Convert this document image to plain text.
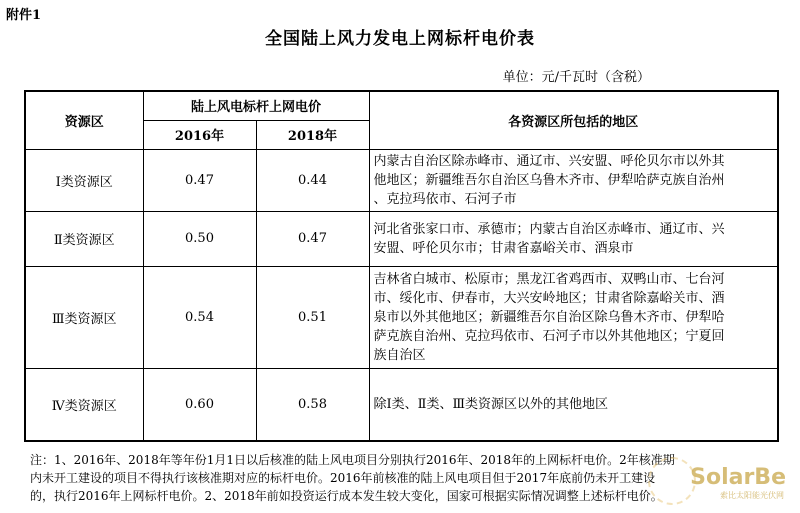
附件1
全国陆上风力发电上网标杆电价表
单位：元/千瓦时（含税）
资源区	陆上风电标杆上网电价		各资源区所包括的地区
	2016年	2018年	
Ⅰ类资源区	0.47	0.44	内蒙古自治区除赤峰市、通辽市、兴安盟、呼伦贝尔市以外其
他地区；新疆维吾尔自治区乌鲁木齐市、伊犁哈萨克族自治州
、克拉玛依市、石河子市

Ⅱ类资源区	0.50	0.47	河北省张家口市、承德市；内蒙古自治区赤峰市、通辽市、兴
安盟、呼伦贝尔市；甘肃省嘉峪关市、酒泉市

Ⅲ类资源区	0.54	0.51	吉林省白城市、松原市；黑龙江省鸡西市、双鸭山市、七台河
市、绥化市、伊春市，大兴安岭地区；甘肃省除嘉峪关市、酒
泉市以外其他地区；新疆维吾尔自治区除乌鲁木齐市、伊犁哈
萨克族自治州、克拉玛依市、石河子市以外其他地区；宁夏回
族自治区

Ⅳ类资源区	0.60	0.58	除Ⅰ类、Ⅱ类、Ⅲ类资源区以外的其他地区
注：1、2016年、2018年等年份1月1日以后核准的陆上风电项目分别执行2016年、2018年的上网标杆电价。2年核准期
内未开工建设的项目不得执行该核准期对应的标杆电价。2016年前核准的陆上风电项目但于2017年底前仍未开工建设
的，执行2016年上网标杆电价。2、2018年前如投资运行成本发生较大变化，国家可根据实际情况调整上述标杆电价。
SolarBe
索比太阳能光伏网
